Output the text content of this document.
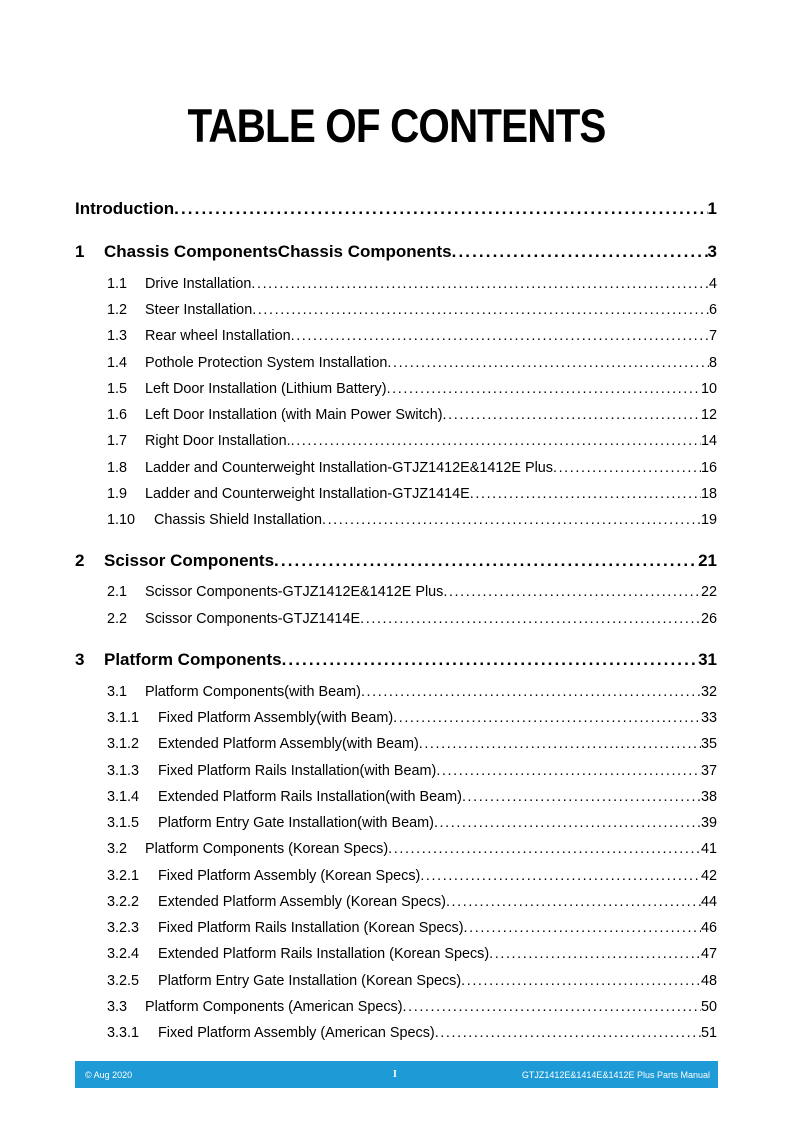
TABLE OF CONTENTS
Introduction .....	1
1 Chassis ComponentsChassis Components .....	3
1.1 Drive Installation .....	4
1.2 Steer Installation .....	6
1.3 Rear wheel Installation .....	7
1.4 Pothole Protection System Installation .....	8
1.5 Left Door Installation (Lithium Battery) .....	10
1.6 Left Door Installation (with Main Power Switch) .....	12
1.7 Right Door Installation. .....	14
1.8 Ladder and Counterweight Installation-GTJZ1412E&1412E Plus .....	16
1.9 Ladder and Counterweight Installation-GTJZ1414E .....	18
1.10 Chassis Shield Installation .....	19
2 Scissor Components .....	21
2.1 Scissor Components-GTJZ1412E&1412E Plus .....	22
2.2 Scissor Components-GTJZ1414E .....	26
3 Platform Components .....	31
3.1 Platform Components(with Beam) .....	32
3.1.1 Fixed Platform Assembly(with Beam) .....	33
3.1.2 Extended Platform Assembly(with Beam) .....	35
3.1.3 Fixed Platform Rails Installation(with Beam) .....	37
3.1.4 Extended Platform Rails Installation(with Beam) .....	38
3.1.5 Platform Entry Gate Installation(with Beam) .....	39
3.2 Platform Components (Korean Specs) .....	41
3.2.1 Fixed Platform Assembly (Korean Specs) .....	42
3.2.2 Extended Platform Assembly (Korean Specs) .....	44
3.2.3 Fixed Platform Rails Installation (Korean Specs) .....	46
3.2.4 Extended Platform Rails Installation (Korean Specs) .....	47
3.2.5 Platform Entry Gate Installation (Korean Specs) .....	48
3.3 Platform Components (American Specs) .....	50
3.3.1 Fixed Platform Assembly (American Specs) .....	51
© Aug 2020	I	GTJZ1412E&1414E&1412E Plus Parts Manual
